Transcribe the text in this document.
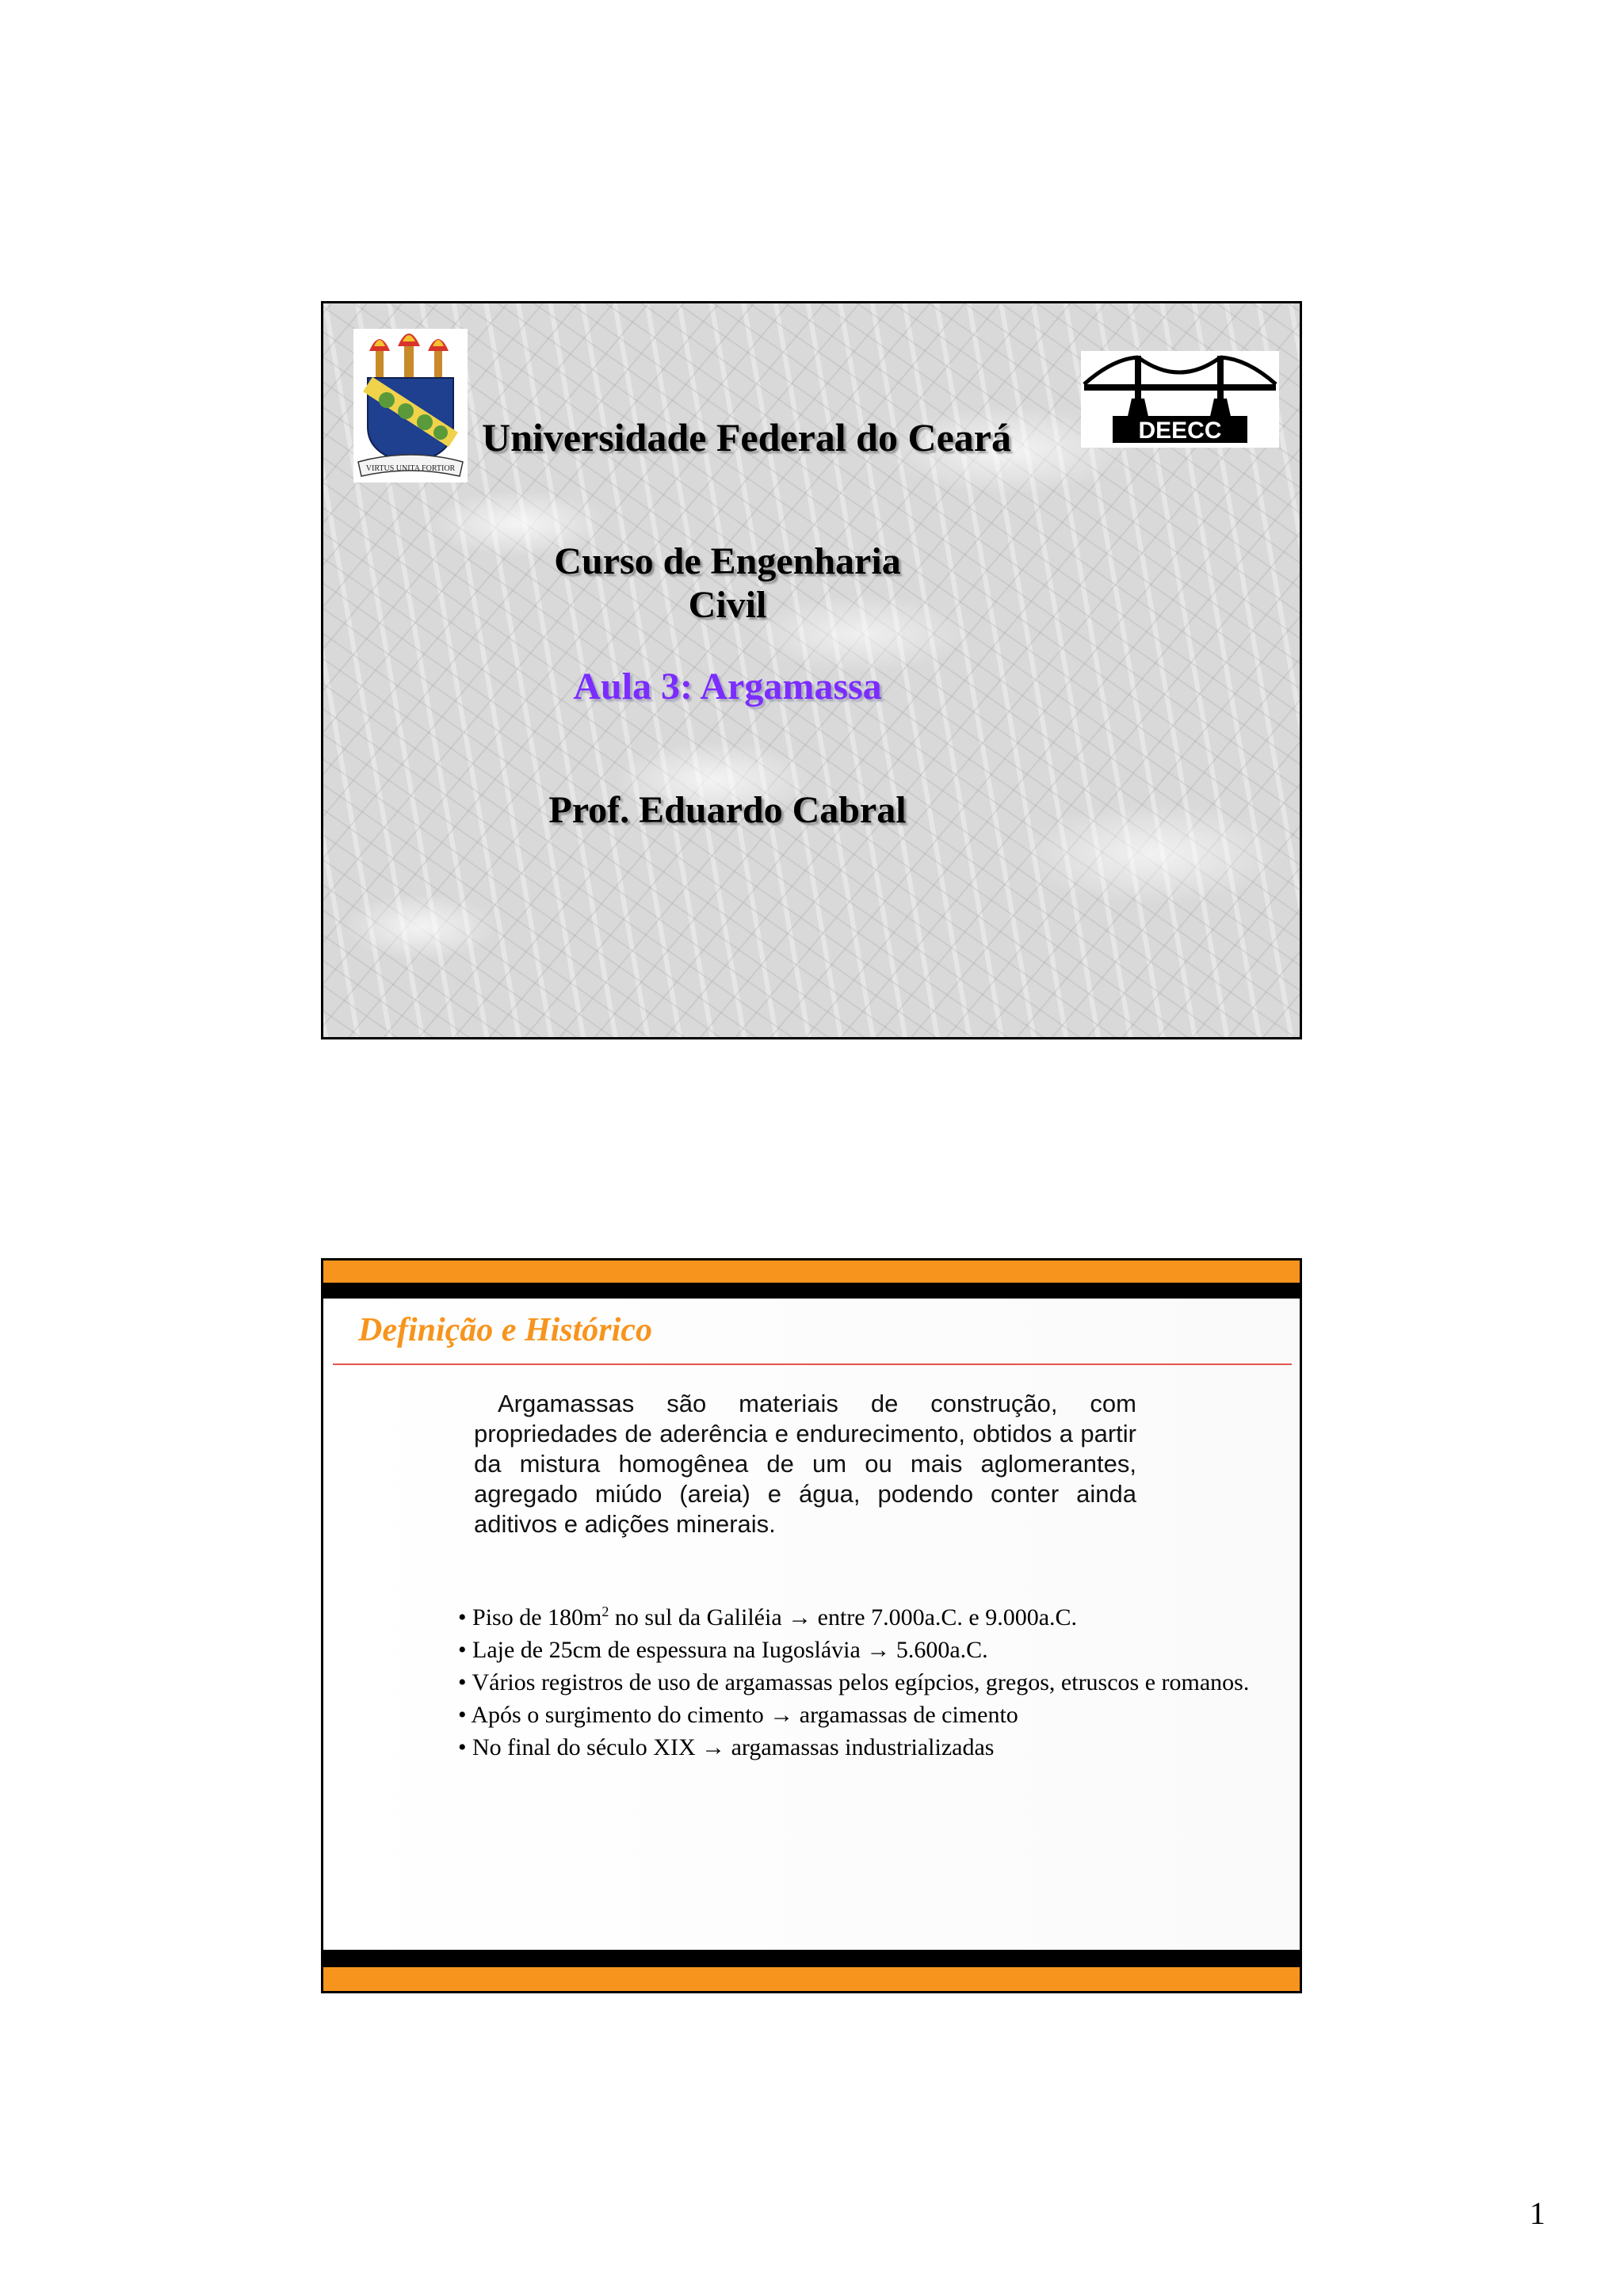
VIRTUS UNITA FORTIOR
Universidade Federal do Ceará	DEECC
Curso de Engenharia Civil
Aula 3: Argamassa
Prof. Eduardo Cabral
Definição e Histórico
Argamassas são materiais de construção, com propriedades de aderência e endurecimento, obtidos a partir da mistura homogênea de um ou mais aglomerantes, agregado miúdo (areia) e água, podendo conter ainda aditivos e adições minerais.
• Piso de $180m^2$ no sul da Galiléia → entre 7.000a.C. e 9.000a.C.
• Laje de 25cm de espessura na Iugoslávia → 5.600a.C.
• Vários registros de uso de argamassas pelos egípcios, gregos, etruscos e romanos.
• Após o surgimento do cimento → argamassas de cimento
• No final do século XIX → argamassas industrializadas
1
